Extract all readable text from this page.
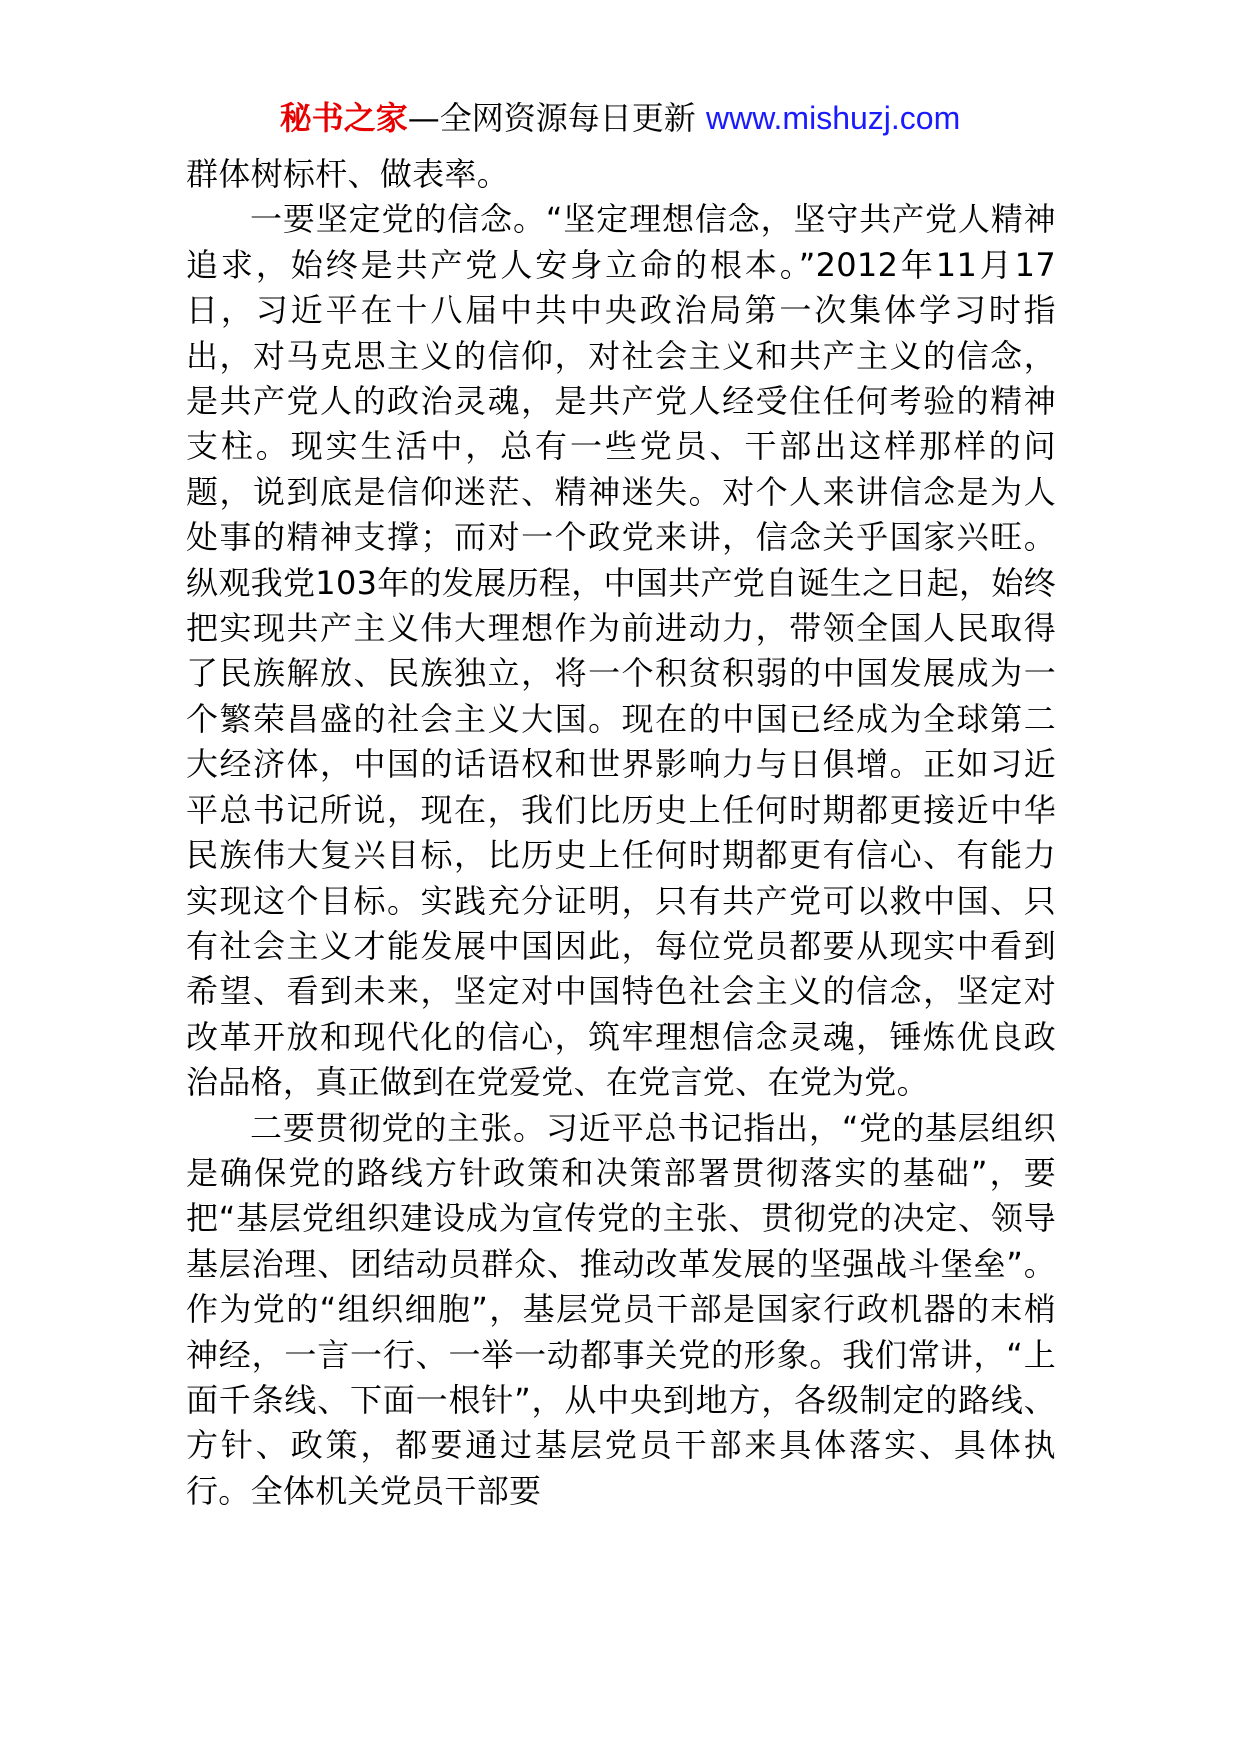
秘书之家—全网资源每日更新 www.mishuzj.com

群体树标杆、做表率。

一要坚定党的信念。“坚定理想信念，坚守共产党人精神追求，始终是共产党人安身立命的根本。”2012年11月17日，习近平在十八届中共中央政治局第一次集体学习时指出，对马克思主义的信仰，对社会主义和共产主义的信念，是共产党人的政治灵魂，是共产党人经受住任何考验的精神支柱。现实生活中，总有一些党员、干部出这样那样的问题，说到底是信仰迷茫、精神迷失。对个人来讲信念是为人处事的精神支撑；而对一个政党来讲，信念关乎国家兴旺。纵观我党103年的发展历程，中国共产党自诞生之日起，始终把实现共产主义伟大理想作为前进动力，带领全国人民取得了民族解放、民族独立，将一个积贫积弱的中国发展成为一个繁荣昌盛的社会主义大国。现在的中国已经成为全球第二大经济体，中国的话语权和世界影响力与日俱增。正如习近平总书记所说，现在，我们比历史上任何时期都更接近中华民族伟大复兴目标，比历史上任何时期都更有信心、有能力实现这个目标。实践充分证明，只有共产党可以救中国、只有社会主义才能发展中国因此，每位党员都要从现实中看到希望、看到未来，坚定对中国特色社会主义的信念，坚定对改革开放和现代化的信心，筑牢理想信念灵魂，锤炼优良政治品格，真正做到在党爱党、在党言党、在党为党。

二要贯彻党的主张。习近平总书记指出，“党的基层组织是确保党的路线方针政策和决策部署贯彻落实的基础”，要把“基层党组织建设成为宣传党的主张、贯彻党的决定、领导基层治理、团结动员群众、推动改革发展的坚强战斗堡垒”。作为党的“组织细胞”，基层党员干部是国家行政机器的末梢神经，一言一行、一举一动都事关党的形象。我们常讲，“上面千条线、下面一根针”，从中央到地方，各级制定的路线、方针、政策，都要通过基层党员干部来具体落实、具体执行。全体机关党员干部要
